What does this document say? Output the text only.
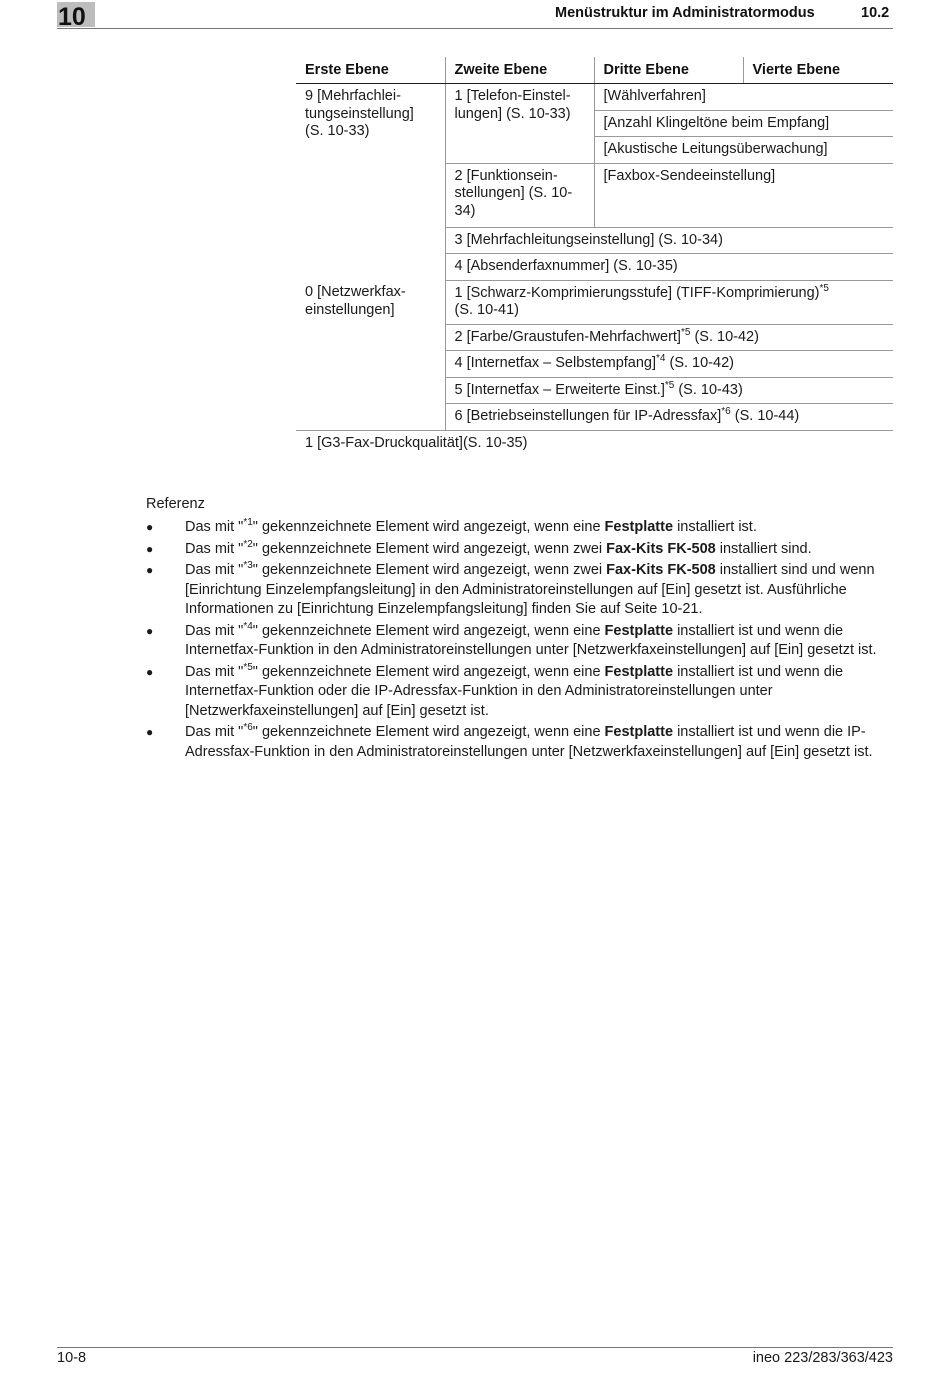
10	Menüstruktur im Administratormodus	10.2
Erste Ebene	Zweite Ebene	Dritte Ebene	Vierte Ebene
9 [Mehrfachlei-tungseinstellung] (S. 10-33)	1 [Telefon-Einstel-lungen] (S. 10-33)	[Wählverfahren]	
		[Anzahl Klingeltöne beim Empfang]	
		[Akustische Leitungsüberwachung]	
	2 [Funktionsein-stellungen] (S. 10-34)	[Faxbox-Sendeeinstellung]	
	3 [Mehrfachleitungseinstellung] (S. 10-34)		
	4 [Absenderfaxnummer] (S. 10-35)		
0 [Netzwerkfax-einstellungen]	1 [Schwarz-Komprimierungsstufe] (TIFF-Komprimierung)$^{*5}$
(S. 10-41)		
	2 [Farbe/Graustufen-Mehrfachwert]$^{*5}$ (S. 10-42)		
	4 [Internetfax – Selbstempfang]$^{*4}$ (S. 10-42)		
	5 [Internetfax – Erweiterte Einst.]$^{*5}$ (S. 10-43)		
	6 [Betriebseinstellungen für IP-Adressfax]$^{*6}$ (S. 10-44)		
1 [G3-Fax-Druckqualität](S. 10-35)			
Referenz
● Das mit "$^{*1}$" gekennzeichnete Element wird angezeigt, wenn eine Festplatte installiert ist.
● Das mit "$^{*2}$" gekennzeichnete Element wird angezeigt, wenn zwei Fax-Kits FK-508 installiert sind.
● Das mit "$^{*3}$" gekennzeichnete Element wird angezeigt, wenn zwei Fax-Kits FK-508 installiert sind und wenn [Einrichtung Einzelempfangsleitung] in den Administratoreinstellungen auf [Ein] gesetzt ist. Ausführliche Informationen zu [Einrichtung Einzelempfangsleitung] finden Sie auf Seite 10-21.
● Das mit "$^{*4}$" gekennzeichnete Element wird angezeigt, wenn eine Festplatte installiert ist und wenn die Internetfax-Funktion in den Administratoreinstellungen unter [Netzwerkfaxeinstellungen] auf [Ein] gesetzt ist.
● Das mit "$^{*5}$" gekennzeichnete Element wird angezeigt, wenn eine Festplatte installiert ist und wenn die Internetfax-Funktion oder die IP-Adressfax-Funktion in den Administratoreinstellungen unter [Netzwerkfaxeinstellungen] auf [Ein] gesetzt ist.
● Das mit "$^{*6}$" gekennzeichnete Element wird angezeigt, wenn eine Festplatte installiert ist und wenn die IP-Adressfax-Funktion in den Administratoreinstellungen unter [Netzwerkfaxeinstellungen] auf [Ein] gesetzt ist.
10-8	ineo 223/283/363/423
